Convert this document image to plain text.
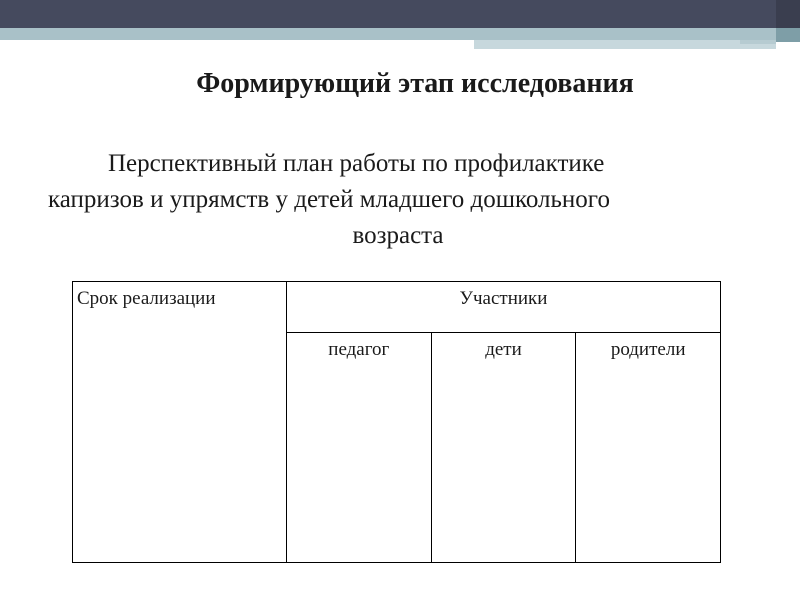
Формирующий этап исследования
Перспективный план работы по профилактике
капризов и упрямств у детей младшего дошкольного
возраста
Срок реализации	Участники		
	педагог	дети	родители
